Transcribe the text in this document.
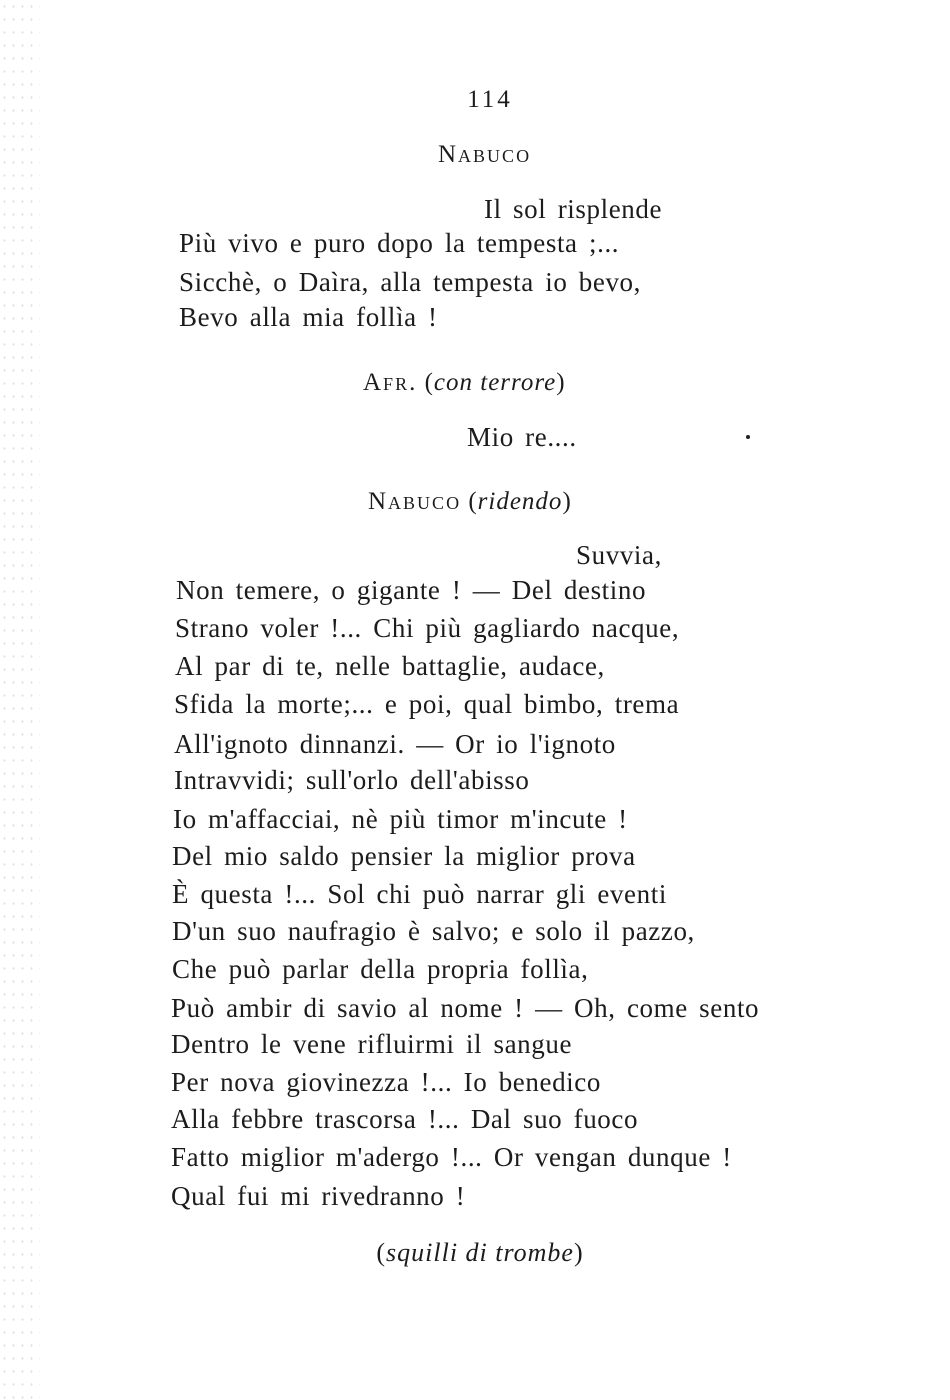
114
Nabuco
Il sol risplende
Più vivo e puro dopo la tempesta ;...
Sicchè, o Daìra, alla tempesta io bevo,
Bevo alla mia follìa !
Afr. (con terrore)
Mio re....
Nabuco (ridendo)
Suvvia,
Non temere, o gigante ! — Del destino
Strano voler !... Chi più gagliardo nacque,
Al par di te, nelle battaglie, audace,
Sfida la morte;... e poi, qual bimbo, trema
All'ignoto dinnanzi. — Or io l'ignoto
Intravvidi; sull'orlo dell'abisso
Io m'affacciai, nè più timor m'incute !
Del mio saldo pensier la miglior prova
È questa !... Sol chi può narrar gli eventi
D'un suo naufragio è salvo; e solo il pazzo,
Che può parlar della propria follìa,
Può ambir di savio al nome ! — Oh, come sento
Dentro le vene rifluirmi il sangue
Per nova giovinezza !... Io benedico
Alla febbre trascorsa !... Dal suo fuoco
Fatto miglior m'adergo !... Or vengan dunque !
Qual fui mi rivedranno !
(squilli di trombe)
